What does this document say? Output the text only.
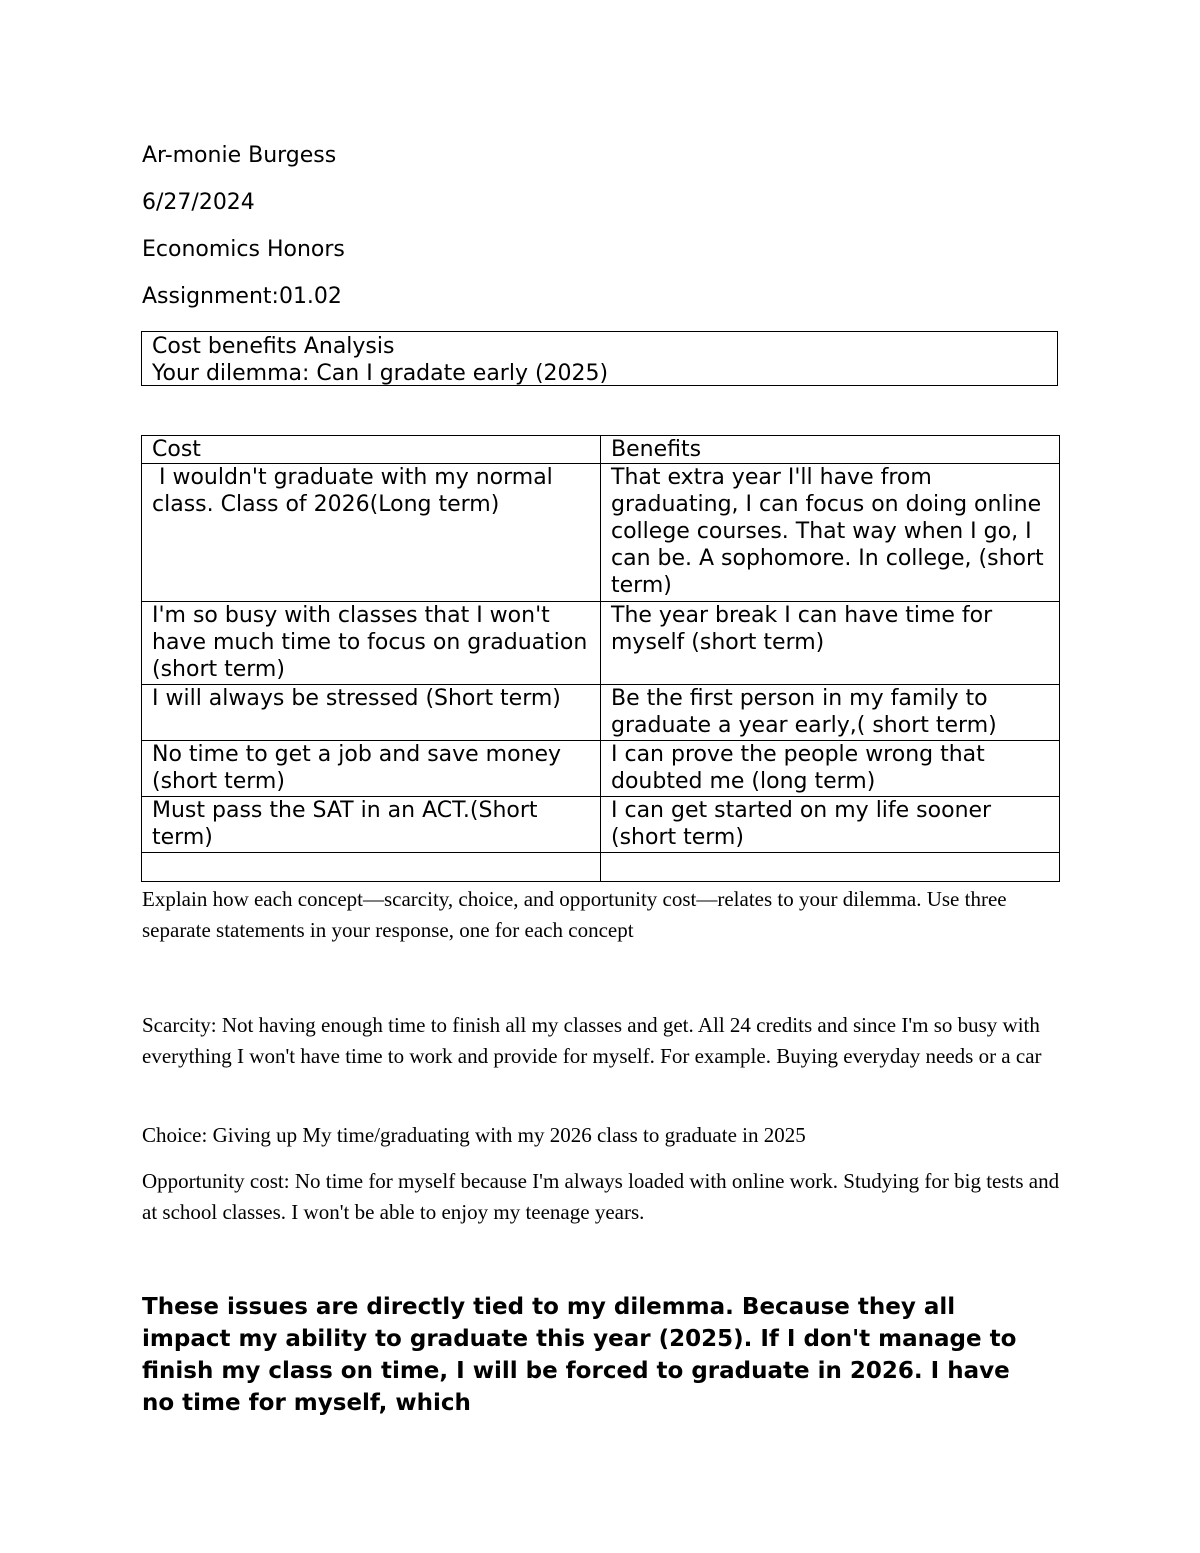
Ar-monie Burgess
6/27/2024
Economics Honors
Assignment:01.02
Cost benefits Analysis
Your dilemma: Can I gradate early (2025)
Cost	Benefits
I wouldn't graduate with my normal class. Class of 2026(Long term)	That extra year I'll have from graduating, I can focus on doing online college courses. That way when I go, I can be. A sophomore. In college, (short term)
I'm so busy with classes that I won't have much time to focus on graduation (short term)	The year break I can have time for myself (short term)
I will always be stressed (Short term)	Be the first person in my family to graduate a year early,( short term)
No time to get a job and save money (short term)	I can prove the people wrong that doubted me (long term)
Must pass the SAT in an ACT.(Short term)	I can get started on my life sooner (short term)

Explain how each concept—scarcity, choice, and opportunity cost—relates to your dilemma. Use three separate statements in your response, one for each concept
Scarcity: Not having enough time to finish all my classes and get. All 24 credits and since I'm so busy with everything I won't have time to work and provide for myself. For example. Buying everyday needs or a car
Choice: Giving up My time/graduating with my 2026 class to graduate in 2025
Opportunity cost: No time for myself because I'm always loaded with online work. Studying for big tests and at school classes. I won't be able to enjoy my teenage years.
These issues are directly tied to my dilemma. Because they all impact my ability to graduate this year (2025). If I don't manage to finish my class on time, I will be forced to graduate in 2026. I have no time for myself, which
